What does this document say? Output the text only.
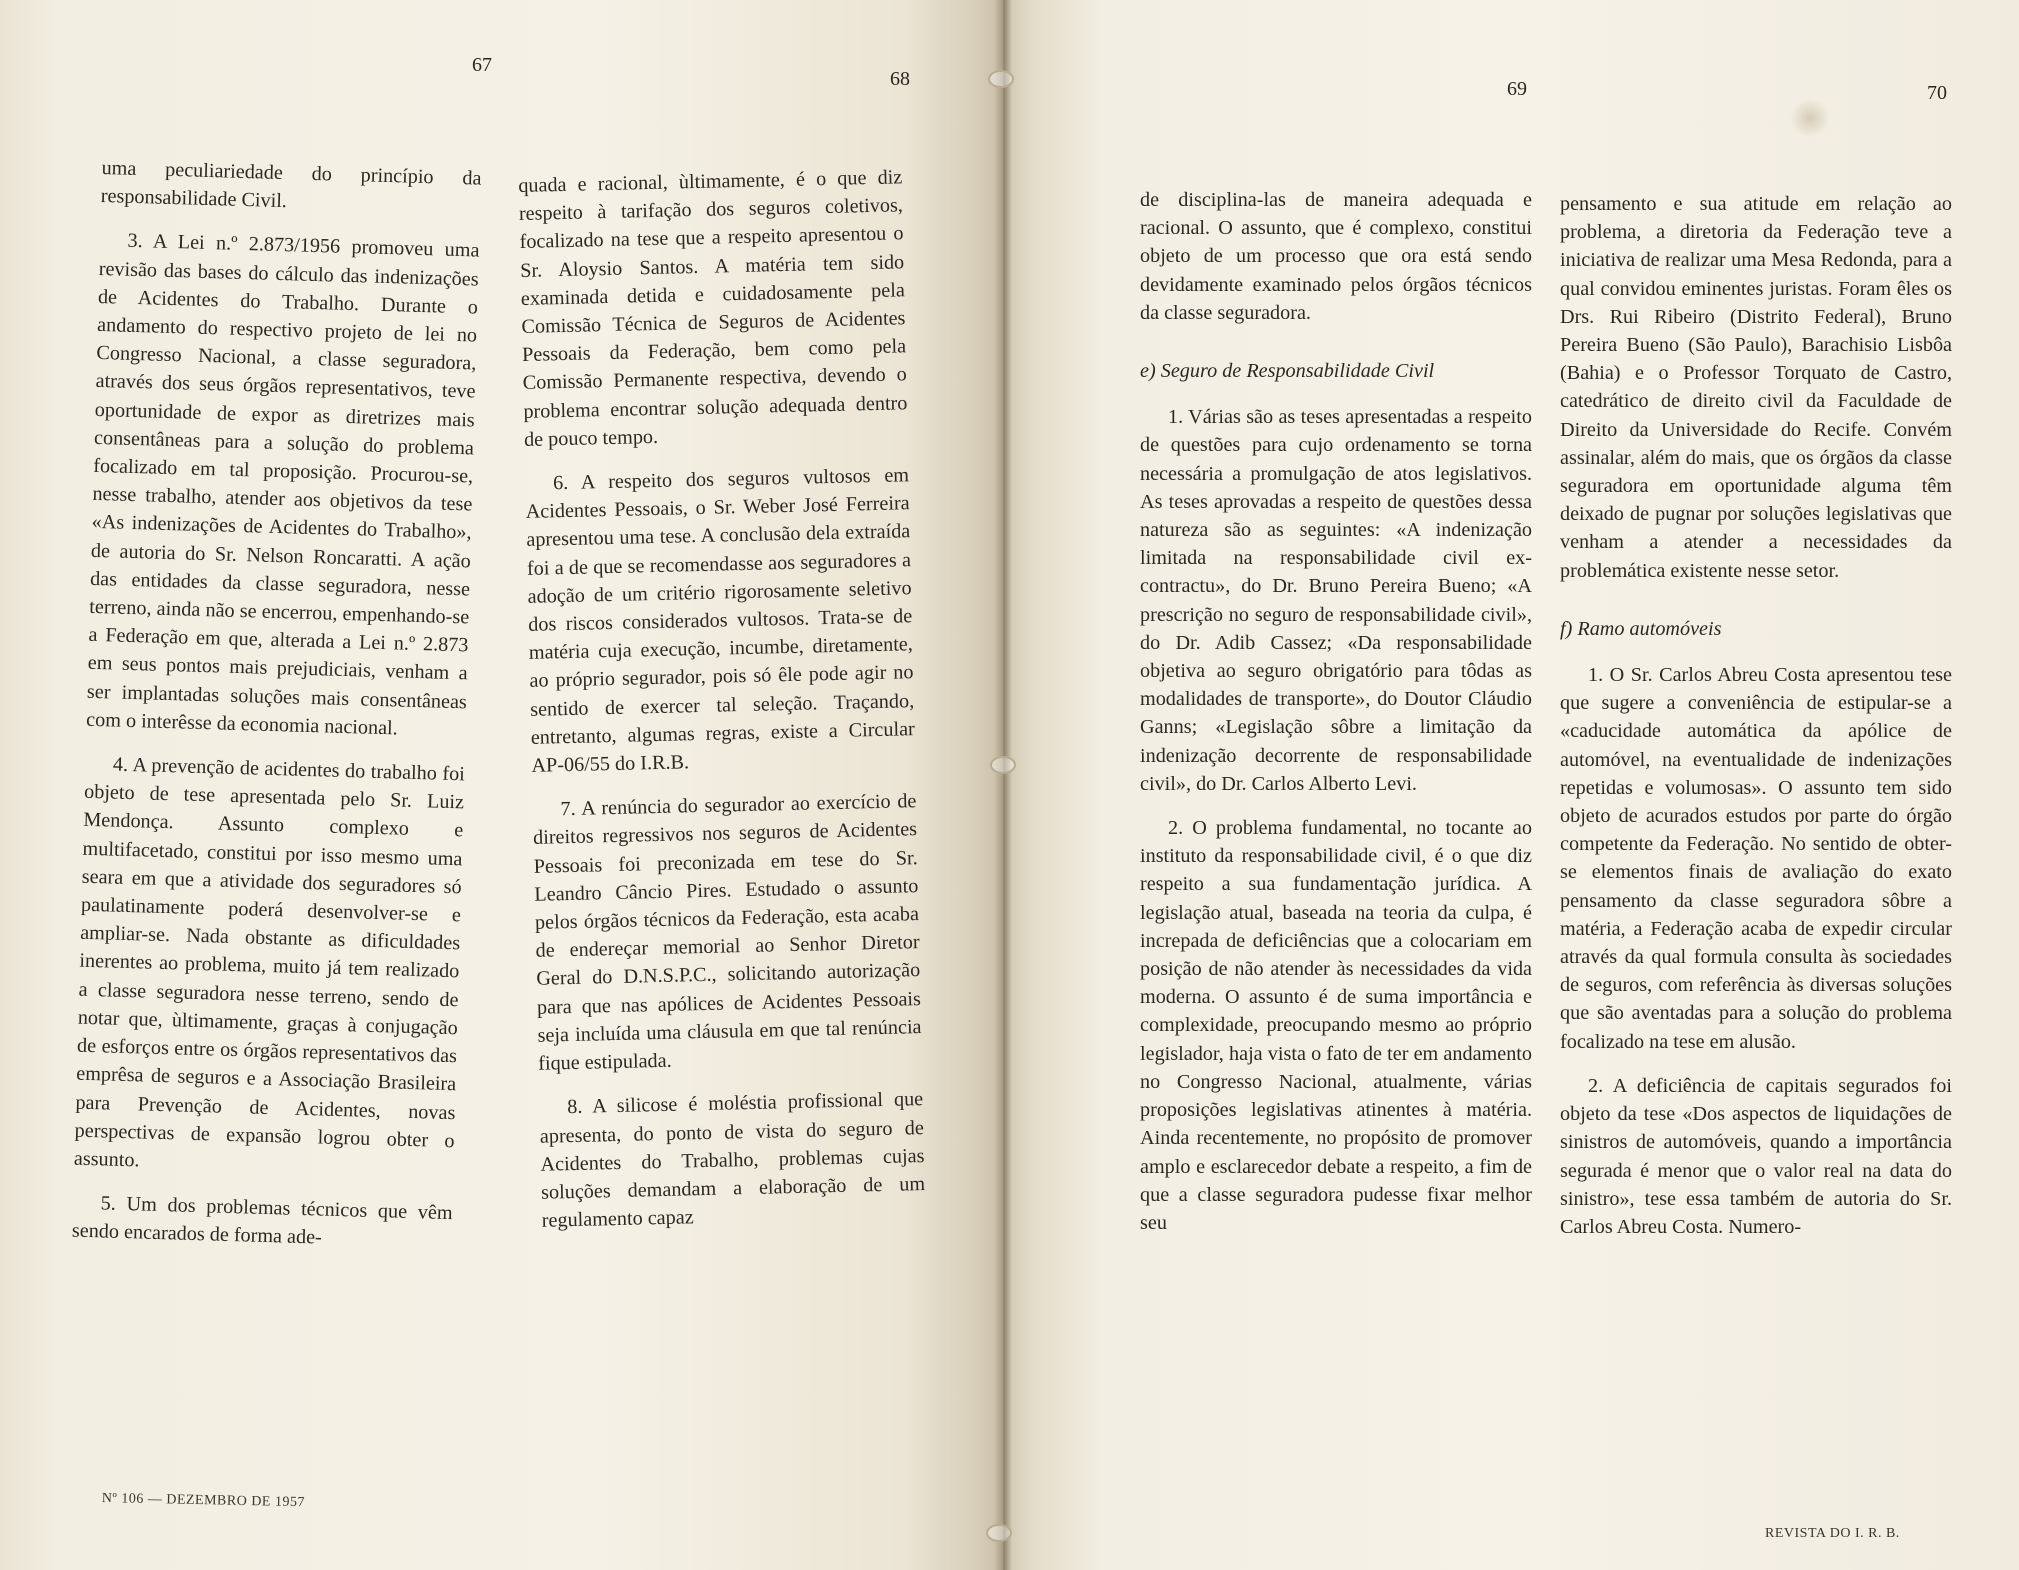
67
68	69	70

uma peculiariedade do princípio da responsabilidade Civil.

3. A Lei n.º 2.873/1956 promoveu uma revisão das bases do cálculo das indenizações de Acidentes do Trabalho. Durante o andamento do respectivo projeto de lei no Congresso Nacional, a classe seguradora, através dos seus órgãos representativos, teve oportunidade de expor as diretrizes mais consentâneas para a solução do problema focalizado em tal proposição. Procurou-se, nesse trabalho, atender aos objetivos da tese «As indenizações de Acidentes do Trabalho», de autoria do Sr. Nelson Roncaratti. A ação das entidades da classe seguradora, nesse terreno, ainda não se encerrou, empenhando-se a Federação em que, alterada a Lei n.º 2.873 em seus pontos mais prejudiciais, venham a ser implantadas soluções mais consentâneas com o interêsse da economia nacional.

4. A prevenção de acidentes do trabalho foi objeto de tese apresentada pelo Sr. Luiz Mendonça. Assunto complexo e multifacetado, constitui por isso mesmo uma seara em que a atividade dos seguradores só paulatinamente poderá desenvolver-se e ampliar-se. Nada obstante as dificuldades inerentes ao problema, muito já tem realizado a classe seguradora nesse terreno, sendo de notar que, ùltimamente, graças à conjugação de esforços entre os órgãos representativos das emprêsa de seguros e a Associação Brasileira para Prevenção de Acidentes, novas perspectivas de expansão logrou obter o assunto.

5. Um dos problemas técnicos que vêm sendo encarados de forma ade-

quada e racional, ùltimamente, é o que diz respeito à tarifação dos seguros coletivos, focalizado na tese que a respeito apresentou o Sr. Aloysio Santos. A matéria tem sido examinada detida e cuidadosamente pela Comissão Técnica de Seguros de Acidentes Pessoais da Federação, bem como pela Comissão Permanente respectiva, devendo o problema encontrar solução adequada dentro de pouco tempo.

6. A respeito dos seguros vultosos em Acidentes Pessoais, o Sr. Weber José Ferreira apresentou uma tese. A conclusão dela extraída foi a de que se recomendasse aos seguradores a adoção de um critério rigorosamente seletivo dos riscos considerados vultosos. Trata-se de matéria cuja execução, incumbe, diretamente, ao próprio segurador, pois só êle pode agir no sentido de exercer tal seleção. Traçando, entretanto, algumas regras, existe a Circular AP-06/55 do I.R.B.

7. A renúncia do segurador ao exercício de direitos regressivos nos seguros de Acidentes Pessoais foi preconizada em tese do Sr. Leandro Câncio Pires. Estudado o assunto pelos órgãos técnicos da Federação, esta acaba de endereçar memorial ao Senhor Diretor Geral do D.N.S.P.C., solicitando autorização para que nas apólices de Acidentes Pessoais seja incluída uma cláusula em que tal renúncia fique estipulada.

8. A silicose é moléstia profissional que apresenta, do ponto de vista do seguro de Acidentes do Trabalho, problemas cujas soluções demandam a elaboração de um regulamento capaz

de disciplina-las de maneira adequada e racional. O assunto, que é complexo, constitui objeto de um processo que ora está sendo devidamente examinado pelos órgãos técnicos da classe seguradora.

e) Seguro de Responsabilidade Civil

1. Várias são as teses apresentadas a respeito de questões para cujo ordenamento se torna necessária a promulgação de atos legislativos. As teses aprovadas a respeito de questões dessa natureza são as seguintes: «A indenização limitada na responsabilidade civil ex-contractu», do Dr. Bruno Pereira Bueno; «A prescrição no seguro de responsabilidade civil», do Dr. Adib Cassez; «Da responsabilidade objetiva ao seguro obrigatório para tôdas as modalidades de transporte», do Doutor Cláudio Ganns; «Legislação sôbre a limitação da indenização decorrente de responsabilidade civil», do Dr. Carlos Alberto Levi.

2. O problema fundamental, no tocante ao instituto da responsabilidade civil, é o que diz respeito a sua fundamentação jurídica. A legislação atual, baseada na teoria da culpa, é increpada de deficiências que a colocariam em posição de não atender às necessidades da vida moderna. O assunto é de suma importância e complexidade, preocupando mesmo ao próprio legislador, haja vista o fato de ter em andamento no Congresso Nacional, atualmente, várias proposições legislativas atinentes à matéria. Ainda recentemente, no propósito de promover amplo e esclarecedor debate a respeito, a fim de que a classe seguradora pudesse fixar melhor seu

pensamento e sua atitude em relação ao problema, a diretoria da Federação teve a iniciativa de realizar uma Mesa Redonda, para a qual convidou eminentes juristas. Foram êles os Drs. Rui Ribeiro (Distrito Federal), Bruno Pereira Bueno (São Paulo), Barachisio Lisbôa (Bahia) e o Professor Torquato de Castro, catedrático de direito civil da Faculdade de Direito da Universidade do Recife. Convém assinalar, além do mais, que os órgãos da classe seguradora em oportunidade alguma têm deixado de pugnar por soluções legislativas que venham a atender a necessidades da problemática existente nesse setor.

f) Ramo automóveis

1. O Sr. Carlos Abreu Costa apresentou tese que sugere a conveniência de estipular-se a «caducidade automática da apólice de automóvel, na eventualidade de indenizações repetidas e volumosas». O assunto tem sido objeto de acurados estudos por parte do órgão competente da Federação. No sentido de obter-se elementos finais de avaliação do exato pensamento da classe seguradora sôbre a matéria, a Federação acaba de expedir circular através da qual formula consulta às sociedades de seguros, com referência às diversas soluções que são aventadas para a solução do problema focalizado na tese em alusão.

2. A deficiência de capitais segurados foi objeto da tese «Dos aspectos de liquidações de sinistros de automóveis, quando a importância segurada é menor que o valor real na data do sinistro», tese essa também de autoria do Sr. Carlos Abreu Costa. Numero-

Nº 106 — DEZEMBRO DE 1957
REVISTA DO I. R. B.
